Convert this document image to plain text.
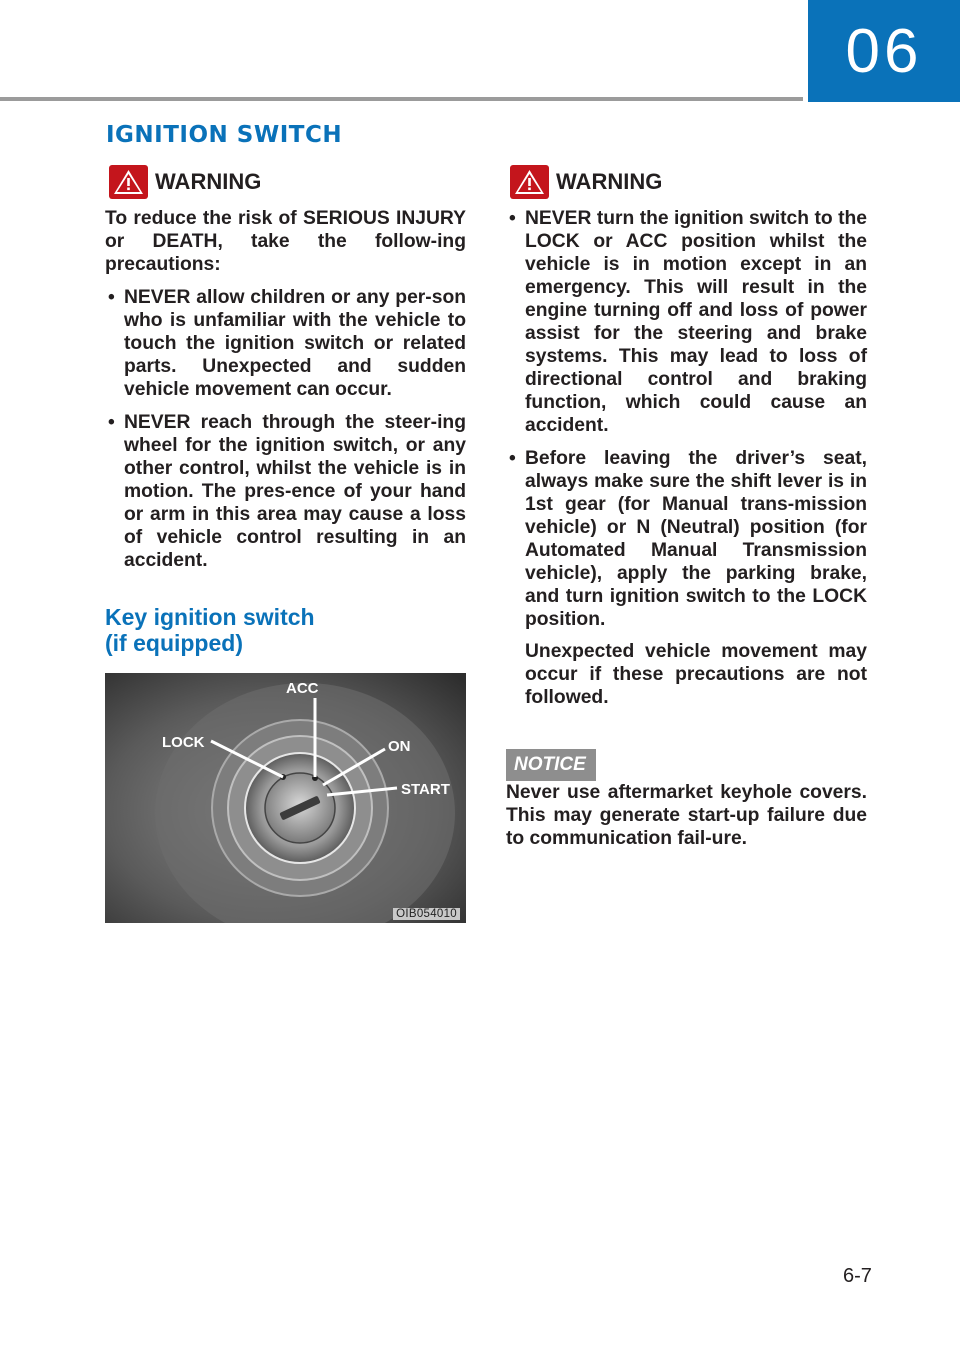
06
IGNITION SWITCH
WARNING

To reduce the risk of SERIOUS INJURY or DEATH, take the follow-ing precautions:

• NEVER allow children or any per-son who is unfamiliar with the vehicle to touch the ignition switch or related parts. Unexpected and sudden vehicle movement can occur.

• NEVER reach through the steer-ing wheel for the ignition switch, or any other control, whilst the vehicle is in motion. The pres-ence of your hand or arm in this area may cause a loss of vehicle control resulting in an accident.

Key ignition switch
(if equipped)
ACC
LOCK	ON
START
OIB054010
WARNING
• NEVER turn the ignition switch to the LOCK or ACC position whilst the vehicle is in motion except in an emergency. This will result in the engine turning off and loss of power assist for the steering and brake systems. This may lead to loss of directional control and braking function, which could cause an accident.

• Before leaving the driver’s seat, always make sure the shift lever is in 1st gear (for Manual trans-mission vehicle) or N (Neutral) position (for Automated Manual Transmission vehicle), apply the parking brake, and turn ignition switch to the LOCK position.

Unexpected vehicle movement may occur if these precautions are not followed.

NOTICE

Never use aftermarket keyhole covers. This may generate start-up failure due to communication fail-ure.

6-7
